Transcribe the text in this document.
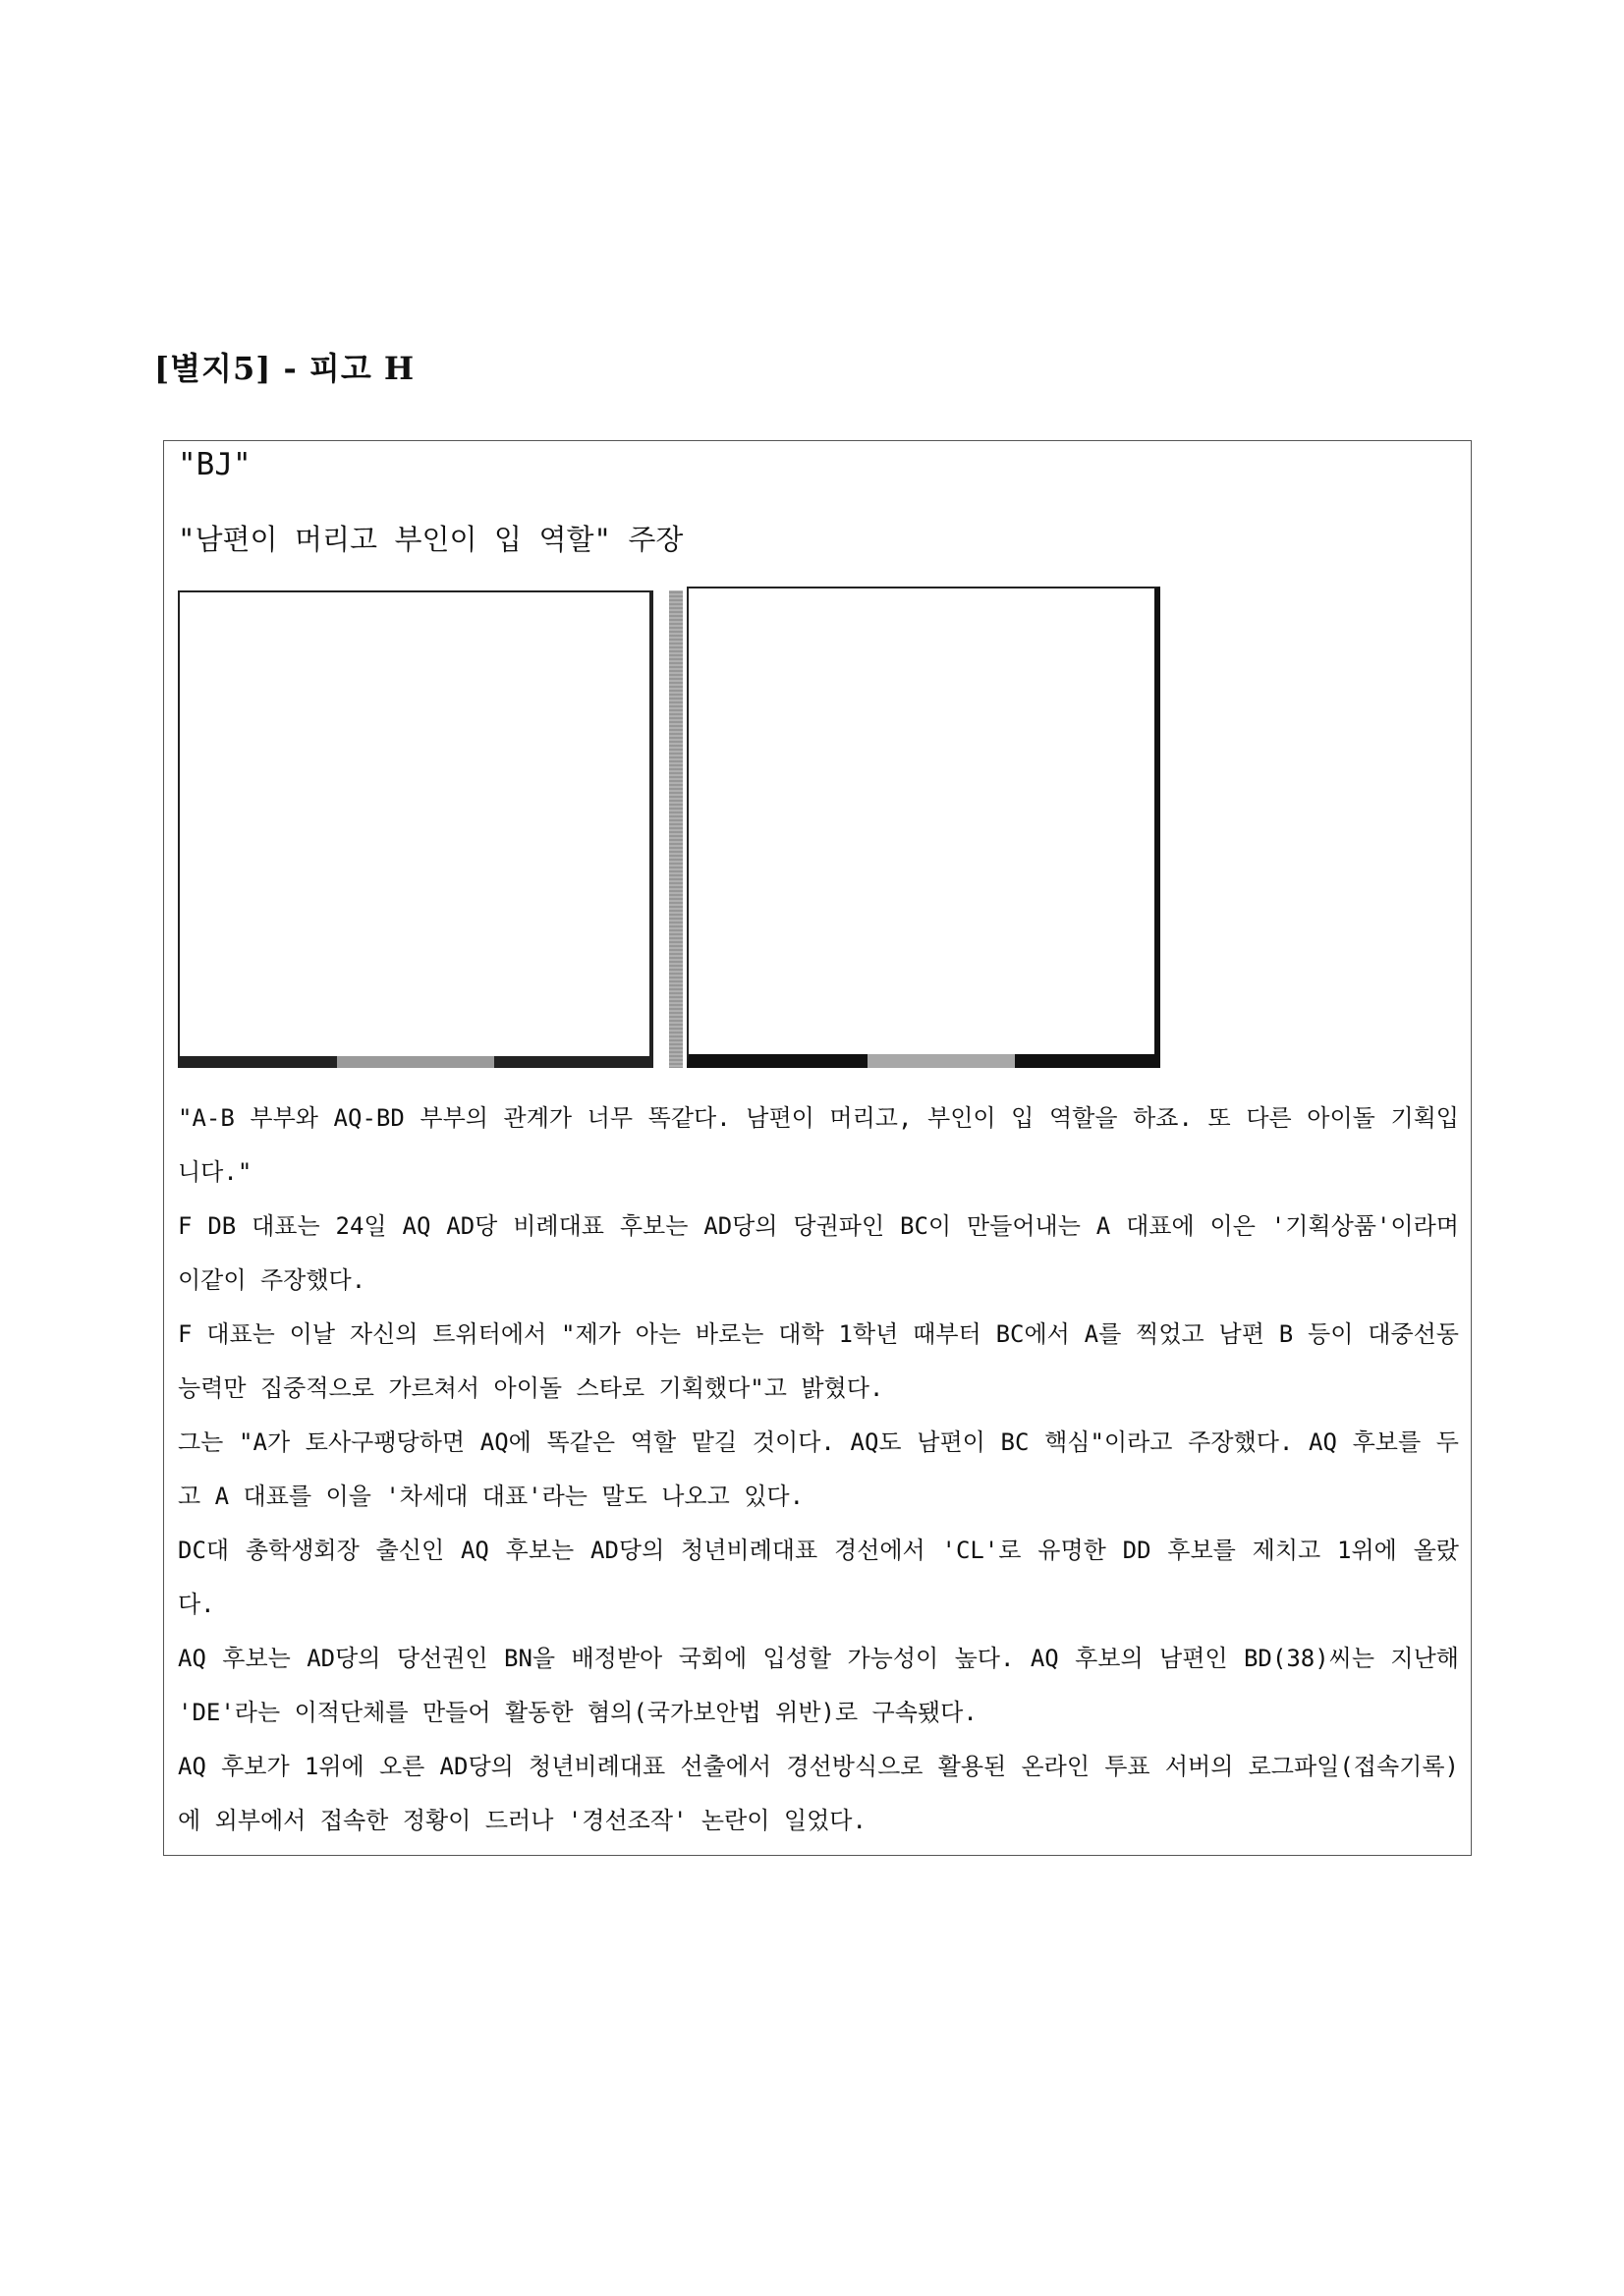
[별지5] - 피고 H
"BJ"
"남편이 머리고 부인이 입 역할" 주장

"A-B 부부와 AQ-BD 부부의 관계가 너무 똑같다. 남편이 머리고, 부인이 입 역할을 하죠. 또 다른 아이돌 기획입니다."

F DB 대표는 24일 AQ AD당 비례대표 후보는 AD당의 당권파인 BC이 만들어내는 A 대표에 이은 '기획상품'이라며 이같이 주장했다.

F 대표는 이날 자신의 트위터에서 "제가 아는 바로는 대학 1학년 때부터 BC에서 A를 찍었고 남편 B 등이 대중선동 능력만 집중적으로 가르쳐서 아이돌 스타로 기획했다"고 밝혔다.

그는 "A가 토사구팽당하면 AQ에 똑같은 역할 맡길 것이다. AQ도 남편이 BC 핵심"이라고 주장했다. AQ 후보를 두고 A 대표를 이을 '차세대 대표'라는 말도 나오고 있다.

DC대 총학생회장 출신인 AQ 후보는 AD당의 청년비례대표 경선에서 'CL'로 유명한 DD 후보를 제치고 1위에 올랐다.

AQ 후보는 AD당의 당선권인 BN을 배정받아 국회에 입성할 가능성이 높다. AQ 후보의 남편인 BD(38)씨는 지난해 'DE'라는 이적단체를 만들어 활동한 혐의(국가보안법 위반)로 구속됐다.

AQ 후보가 1위에 오른 AD당의 청년비례대표 선출에서 경선방식으로 활용된 온라인 투표 서버의 로그파일(접속기록)에 외부에서 접속한 정황이 드러나 '경선조작' 논란이 일었다.
